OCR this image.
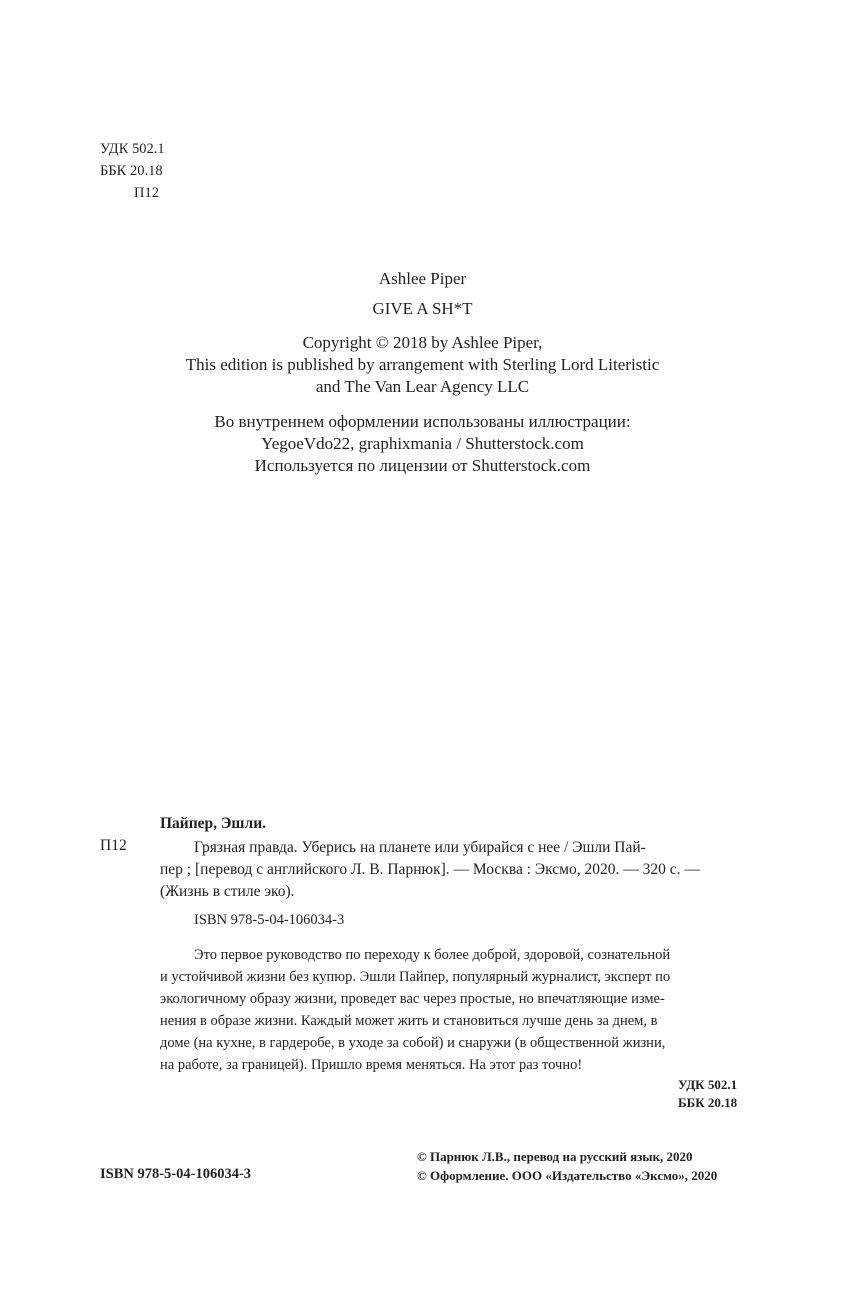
УДК 502.1
ББК 20.18
П12
Ashlee Piper
GIVE A SH*T
Copyright © 2018 by Ashlee Piper,
This edition is published by arrangement with Sterling Lord Literistic
and The Van Lear Agency LLC
Во внутреннем оформлении использованы иллюстрации:
YegoeVdo22, graphixmania / Shutterstock.com
Используется по лицензии от Shutterstock.com
Пайпер, Эшли.
П12	Грязная правда. Уберись на планете или убирайся с нее / Эшли Пай-
пер ; [перевод с английского Л. В. Парнюк]. — Москва : Эксмо, 2020. — 320 с. —
(Жизнь в стиле эко).
ISBN 978-5-04-106034-3
Это первое руководство по переходу к более доброй, здоровой, сознательной
и устойчивой жизни без купюр. Эшли Пайпер, популярный журналист, эксперт по
экологичному образу жизни, проведет вас через простые, но впечатляющие изме-
нения в образе жизни. Каждый может жить и становиться лучше день за днем, в
доме (на кухне, в гардеробе, в уходе за собой) и снаружи (в общественной жизни,
на работе, за границей). Пришло время меняться. На этот раз точно!
УДК 502.1
ББК 20.18
ISBN 978-5-04-106034-3
© Парнюк Л.В., перевод на русский язык, 2020
© Оформление. ООО «Издательство «Эксмо», 2020
